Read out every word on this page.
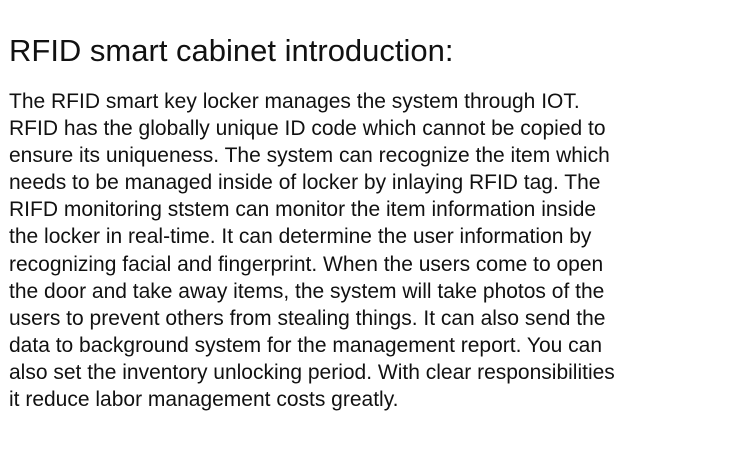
RFID smart cabinet introduction:
The RFID smart key locker manages the system through IOT.
RFID has the globally unique ID code which cannot be copied to
ensure its uniqueness. The system can recognize the item which
needs to be managed inside of locker by inlaying RFID tag. The
RIFD monitoring ststem can monitor the item information inside
the locker in real-time. It can determine the user information by
recognizing facial and fingerprint. When the users come to open
the door and take away items, the system will take photos of the
users to prevent others from stealing things. It can also send the
data to background system for the management report. You can
also set the inventory unlocking period. With clear responsibilities
it reduce labor management costs greatly.
